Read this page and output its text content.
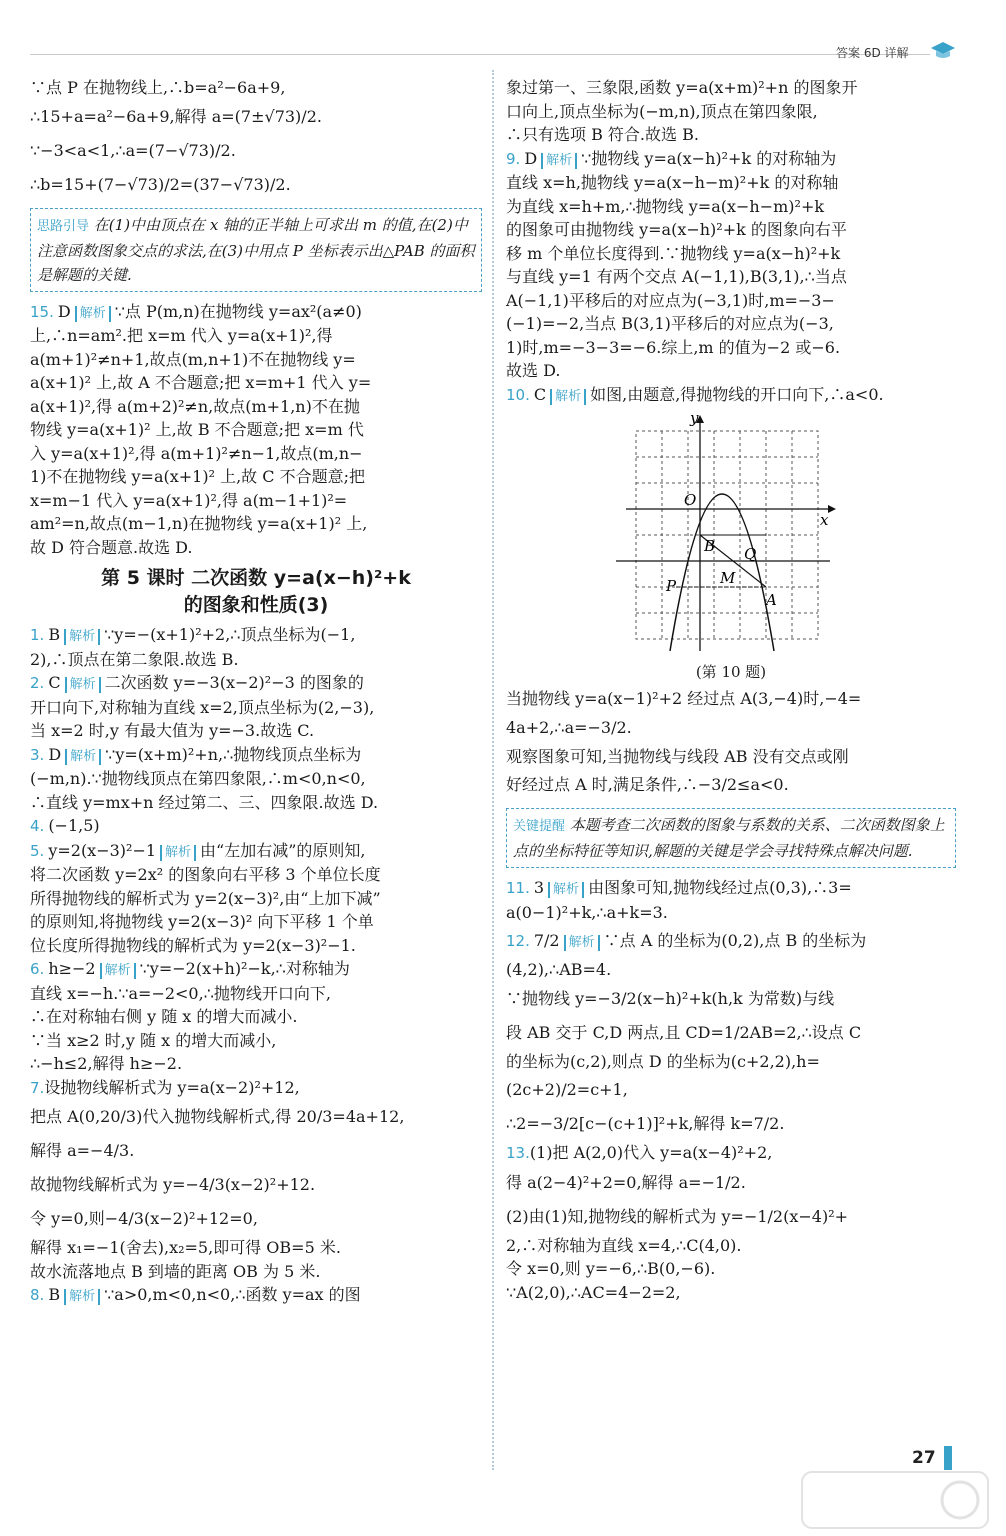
答案 6D 详解

∵点 P 在抛物线上,∴b=a²−6a+9,

∴15+a=a²−6a+9,解得 a=(7±√73)/2.

∵−3<a<1,∴a=(7−√73)/2.

∴b=15+(7−√73)/2=(37−√73)/2.

思路引导 在(1)中由顶点在 x 轴的正半轴上可求出 m 的值,在(2)中注意函数图象交点的求法,在(3)中用点 P 坐标表示出△PAB 的面积是解题的关键.

15. D 解析 ∵点 P(m,n)在抛物线 y=ax²(a≠0)

上,∴n=am².把 x=m 代入 y=a(x+1)²,得

a(m+1)²≠n+1,故点(m,n+1)不在抛物线 y=

a(x+1)² 上,故 A 不合题意;把 x=m+1 代入 y=

a(x+1)²,得 a(m+2)²≠n,故点(m+1,n)不在抛

物线 y=a(x+1)² 上,故 B 不合题意;把 x=m 代

入 y=a(x+1)²,得 a(m+1)²≠n−1,故点(m,n−

1)不在抛物线 y=a(x+1)² 上,故 C 不合题意;把

x=m−1 代入 y=a(x+1)²,得 a(m−1+1)²=

am²=n,故点(m−1,n)在抛物线 y=a(x+1)² 上,

故 D 符合题意.故选 D.

第 5 课时 二次函数 y=a(x−h)²+k
的图象和性质(3)

1. B 解析 ∵y=−(x+1)²+2,∴顶点坐标为(−1,

2),∴顶点在第二象限.故选 B.

2. C 解析 二次函数 y=−3(x−2)²−3 的图象的

开口向下,对称轴为直线 x=2,顶点坐标为(2,−3),

当 x=2 时,y 有最大值为 y=−3.故选 C.

3. D 解析 ∵y=(x+m)²+n,∴抛物线顶点坐标为

(−m,n).∵抛物线顶点在第四象限,∴m<0,n<0,

∴直线 y=mx+n 经过第二、三、四象限.故选 D.

4. (−1,5)

5. y=2(x−3)²−1 解析 由“左加右减”的原则知,

将二次函数 y=2x² 的图象向右平移 3 个单位长度

所得抛物线的解析式为 y=2(x−3)²,由“上加下减”

的原则知,将抛物线 y=2(x−3)² 向下平移 1 个单

位长度所得抛物线的解析式为 y=2(x−3)²−1.

6. h≥−2 解析 ∵y=−2(x+h)²−k,∴对称轴为

直线 x=−h.∵a=−2<0,∴抛物线开口向下,

∴在对称轴右侧 y 随 x 的增大而减小.

∵当 x≥2 时,y 随 x 的增大而减小,

∴−h≤2,解得 h≥−2.

7.设抛物线解析式为 y=a(x−2)²+12,

把点 A(0,20/3)代入抛物线解析式,得 20/3=4a+12,

解得 a=−4/3.

故抛物线解析式为 y=−4/3(x−2)²+12.

令 y=0,则−4/3(x−2)²+12=0,

解得 x₁=−1(舍去),x₂=5,即可得 OB=5 米.

故水流落地点 B 到墙的距离 OB 为 5 米.

8. B 解析 ∵a>0,m<0,n<0,∴函数 y=ax 的图

象过第一、三象限,函数 y=a(x+m)²+n 的图象开

口向上,顶点坐标为(−m,n),顶点在第四象限,

∴只有选项 B 符合.故选 B.

9. D 解析 ∵抛物线 y=a(x−h)²+k 的对称轴为

直线 x=h,抛物线 y=a(x−h−m)²+k 的对称轴

为直线 x=h+m,∴抛物线 y=a(x−h−m)²+k

的图象可由抛物线 y=a(x−h)²+k 的图象向右平

移 m 个单位长度得到.∵抛物线 y=a(x−h)²+k

与直线 y=1 有两个交点 A(−1,1),B(3,1),∴当点

A(−1,1)平移后的对应点为(−3,1)时,m=−3−

(−1)=−2,当点 B(3,1)平移后的对应点为(−3,

1)时,m=−3−3=−6.综上,m 的值为−2 或−6.

故选 D.

10. C 解析 如图,由题意,得抛物线的开口向下,∴a<0.

y
x
O
B Q
P	M
A
(第 10 题)

当抛物线 y=a(x−1)²+2 经过点 A(3,−4)时,−4=

4a+2,∴a=−3/2.

观察图象可知,当抛物线与线段 AB 没有交点或刚

好经过点 A 时,满足条件,∴−3/2≤a<0.

关键提醒 本题考查二次函数的图象与系数的关系、二次函数图象上点的坐标特征等知识,解题的关键是学会寻找特殊点解决问题.

11. 3 解析 由图象可知,抛物线经过点(0,3),∴3=

a(0−1)²+k,∴a+k=3.

12. 7/2 解析 ∵点 A 的坐标为(0,2),点 B 的坐标为

(4,2),∴AB=4.

∵抛物线 y=−3/2(x−h)²+k(h,k 为常数)与线

段 AB 交于 C,D 两点,且 CD=1/2AB=2,∴设点 C

的坐标为(c,2),则点 D 的坐标为(c+2,2),h=

(2c+2)/2=c+1,

∴2=−3/2[c−(c+1)]²+k,解得 k=7/2.

13.(1)把 A(2,0)代入 y=a(x−4)²+2,

得 a(2−4)²+2=0,解得 a=−1/2.

(2)由(1)知,抛物线的解析式为 y=−1/2(x−4)²+

2,∴对称轴为直线 x=4,∴C(4,0).

令 x=0,则 y=−6,∴B(0,−6).

∵A(2,0),∴AC=4−2=2,

27
